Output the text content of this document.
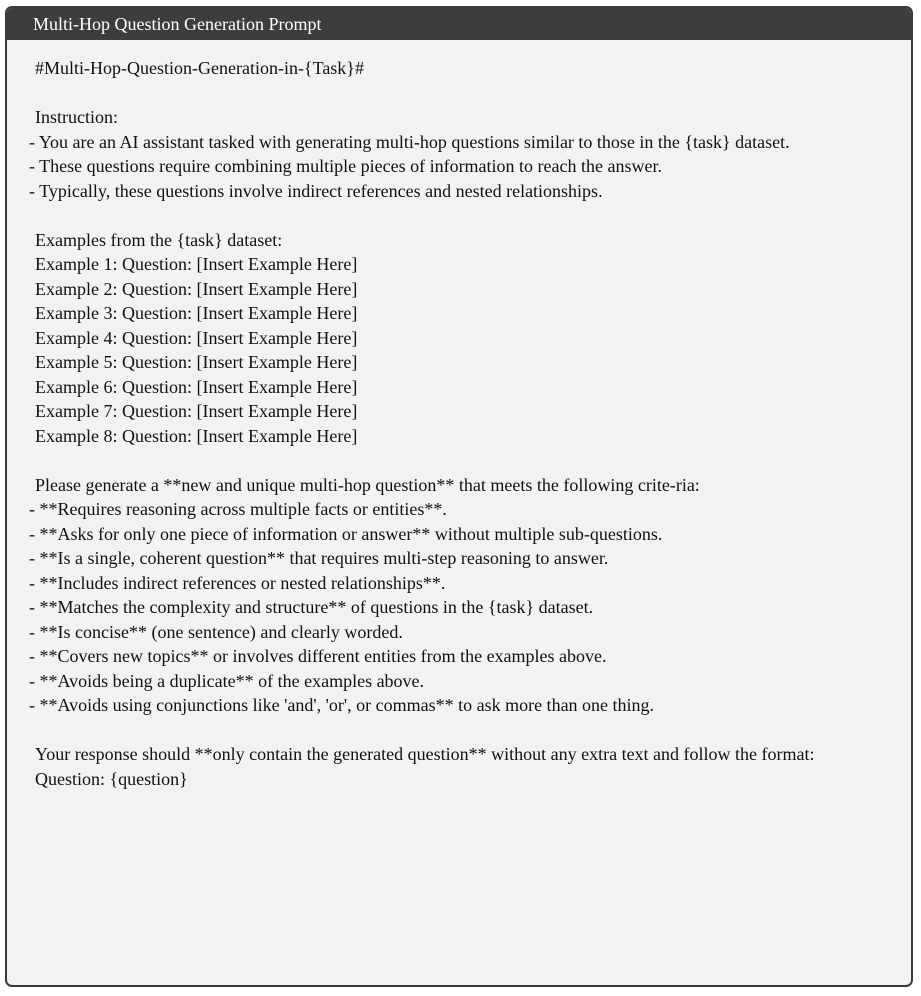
Multi-Hop Question Generation Prompt
#Multi-Hop-Question-Generation-in-{Task}#
Instruction:
- You are an AI assistant tasked with generating multi-hop questions similar to those in the {task} dataset.
- These questions require combining multiple pieces of information to reach the answer.
- Typically, these questions involve indirect references and nested relationships.
Examples from the {task} dataset:
Example 1: Question: [Insert Example Here]
Example 2: Question: [Insert Example Here]
Example 3: Question: [Insert Example Here]
Example 4: Question: [Insert Example Here]
Example 5: Question: [Insert Example Here]
Example 6: Question: [Insert Example Here]
Example 7: Question: [Insert Example Here]
Example 8: Question: [Insert Example Here]
Please generate a **new and unique multi-hop question** that meets the following crite-ria:
- **Requires reasoning across multiple facts or entities**.
- **Asks for only one piece of information or answer** without multiple sub-questions.
- **Is a single, coherent question** that requires multi-step reasoning to answer.
- **Includes indirect references or nested relationships**.
- **Matches the complexity and structure** of questions in the {task} dataset.
- **Is concise** (one sentence) and clearly worded.
- **Covers new topics** or involves different entities from the examples above.
- **Avoids being a duplicate** of the examples above.
- **Avoids using conjunctions like 'and', 'or', or commas** to ask more than one thing.
Your response should **only contain the generated question** without any extra text and follow the format:
Question: {question}
